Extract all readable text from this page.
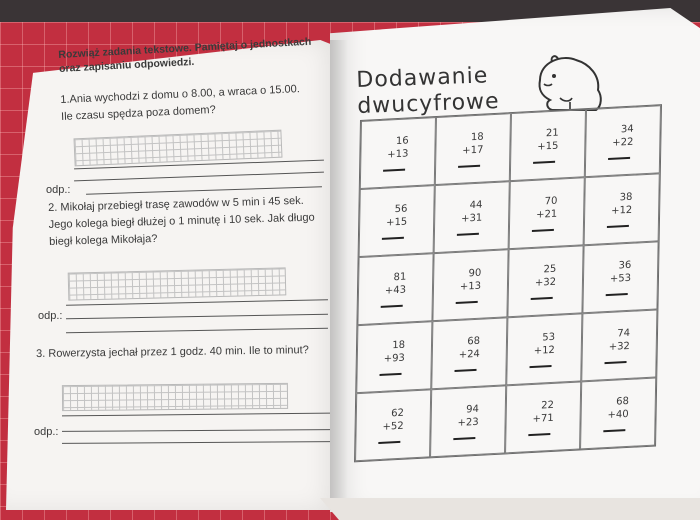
Rozwiąż zadania tekstowe. Pamiętaj o jednostkach oraz zapisaniu odpowiedzi.
1.Ania wychodzi z domu o 8.00, a wraca o 15.00. Ile czasu spędza poza domem?
odp.:
2. Mikołaj przebiegł trasę zawodów w 5 min i 45 sek. Jego kolega biegł dłużej o 1 minutę i 10 sek. Jak długo biegł kolega Mikołaja?
odp.:
3. Rowerzysta jechał przez 1 godz. 40 min. Ile to minut?
odp.:
Dodawanie
dwucyfrowe
16
+13
18
+17
21
+15
34
+22
56
+15
44
+31
70
+21
38
+12
81
+43
90
+13
25
+32
36
+53
18
+93
68
+24
53
+12
74
+32
62
+52
94
+23
22
+71
68
+40
